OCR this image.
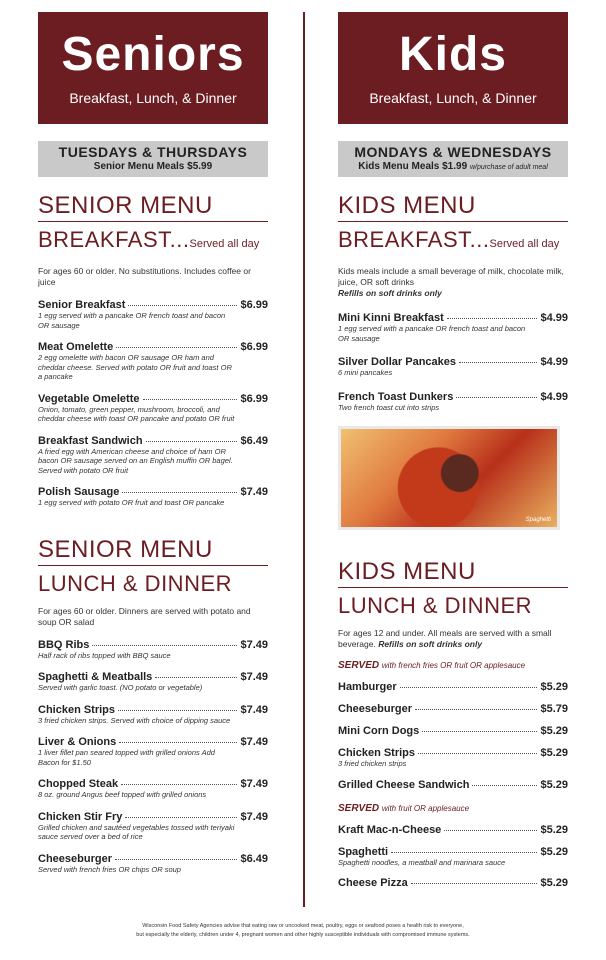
Seniors
Breakfast, Lunch, & Dinner
TUESDAYS & THURSDAYS
Senior Menu Meals $5.99
SENIOR MENU
BREAKFAST...Served all day
For ages 60 or older. No substitutions. Includes coffee or juice
Senior Breakfast	$6.99
1 egg served with a pancake OR french toast and bacon OR sausage
Meat Omelette	$6.99
2 egg omelette with bacon OR sausage OR ham and cheddar cheese. Served with potato OR fruit and toast OR a pancake
Vegetable Omelette	$6.99
Onion, tomato, green pepper, mushroom, broccoli, and cheddar cheese with toast OR pancake and potato OR fruit
Breakfast Sandwich	$6.49
A fried egg with American cheese and choice of ham OR bacon OR sausage served on an English muffin OR bagel. Served with potato OR fruit
Polish Sausage	$7.49
1 egg served with potato OR fruit and toast OR pancake
SENIOR MENU
LUNCH & DINNER
For ages 60 or older. Dinners are served with potato and soup OR salad
BBQ Ribs	$7.49
Half rack of ribs topped with BBQ sauce
Spaghetti & Meatballs	$7.49
Served with garlic toast. (NO potato or vegetable)
Chicken Strips	$7.49
3 fried chicken strips. Served with choice of dipping sauce
Liver & Onions	$7.49
1 liver fillet pan seared topped with grilled onions Add Bacon for $1.50
Chopped Steak	$7.49
8 oz. ground Angus beef topped with grilled onions
Chicken Stir Fry	$7.49
Grilled chicken and sautéed vegetables tossed with teriyaki sauce served over a bed of rice
Cheeseburger	$6.49
Served with french fries OR chips OR soup
Kids
Breakfast, Lunch, & Dinner
MONDAYS & WEDNESDAYS
Kids Menu Meals $1.99 w/purchase of adult meal
KIDS MENU
BREAKFAST...Served all day
Kids meals include a small beverage of milk, chocolate milk, juice, OR soft drinks
Refills on soft drinks only
Mini Kinni Breakfast	$4.99
1 egg served with a pancake OR french toast and bacon OR sausage
Silver Dollar Pancakes	$4.99
6 mini pancakes
French Toast Dunkers	$4.99
Two french toast cut into strips
Spaghetti
KIDS MENU
LUNCH & DINNER
For ages 12 and under. All meals are served with a small beverage. Refills on soft drinks only
SERVED with french fries OR fruit OR applesauce
Hamburger	$5.29
Cheeseburger	$5.79
Mini Corn Dogs	$5.29
Chicken Strips	$5.29
3 fried chicken strips
Grilled Cheese Sandwich	$5.29
SERVED with fruit OR applesauce
Kraft Mac-n-Cheese	$5.29
Spaghetti	$5.29
Spaghetti noodles, a meatball and marinara sauce
Cheese Pizza	$5.29
Wisconsin Food Safety Agencies advise that eating raw or uncooked meat, poultry, eggs or seafood poses a health risk to everyone,
but especially the elderly, children under 4, pregnant women and other highly susceptible individuals with compromised immune systems.
